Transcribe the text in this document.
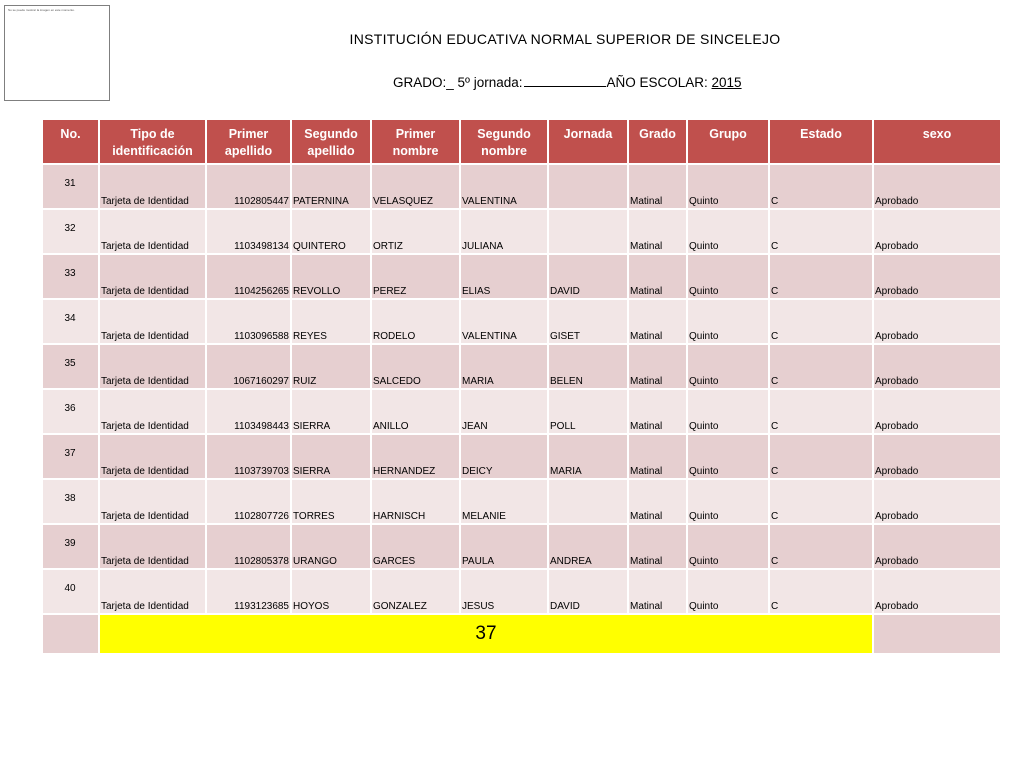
No se puede mostrar la imagen en este momento.
INSTITUCIÓN EDUCATIVA NORMAL SUPERIOR DE SINCELEJO
GRADO:_ 5º jornada:	AÑO ESCOLAR: 2015
No.	Tipo de identificación	Primer apellido	Segundo apellido	Primer nombre	Segundo nombre	Jornada	Grado	Grupo	Estado	sexo	
31	Tarjeta de Identidad	1102805447	PATERNINA	VELASQUEZ	VALENTINA		Matinal	Quinto	C	Aprobado	
32	Tarjeta de Identidad	1103498134	QUINTERO	ORTIZ	JULIANA		Matinal	Quinto	C	Aprobado	
33	Tarjeta de Identidad	1104256265	REVOLLO	PEREZ	ELIAS	DAVID	Matinal	Quinto	C	Aprobado	
34	Tarjeta de Identidad	1103096588	REYES	RODELO	VALENTINA	GISET	Matinal	Quinto	C	Aprobado	
35	Tarjeta de Identidad	1067160297	RUIZ	SALCEDO	MARIA	BELEN	Matinal	Quinto	C	Aprobado	
36	Tarjeta de Identidad	1103498443	SIERRA	ANILLO	JEAN	POLL	Matinal	Quinto	C	Aprobado	
37	Tarjeta de Identidad	1103739703	SIERRA	HERNANDEZ	DEICY	MARIA	Matinal	Quinto	C	Aprobado	
38	Tarjeta de Identidad	1102807726	TORRES	HARNISCH	MELANIE		Matinal	Quinto	C	Aprobado	
39	Tarjeta de Identidad	1102805378	URANGO	GARCES	PAULA	ANDREA	Matinal	Quinto	C	Aprobado	
40	Tarjeta de Identidad	1193123685	HOYOS	GONZALEZ	JESUS	DAVID	Matinal	Quinto	C	Aprobado	
	37										
